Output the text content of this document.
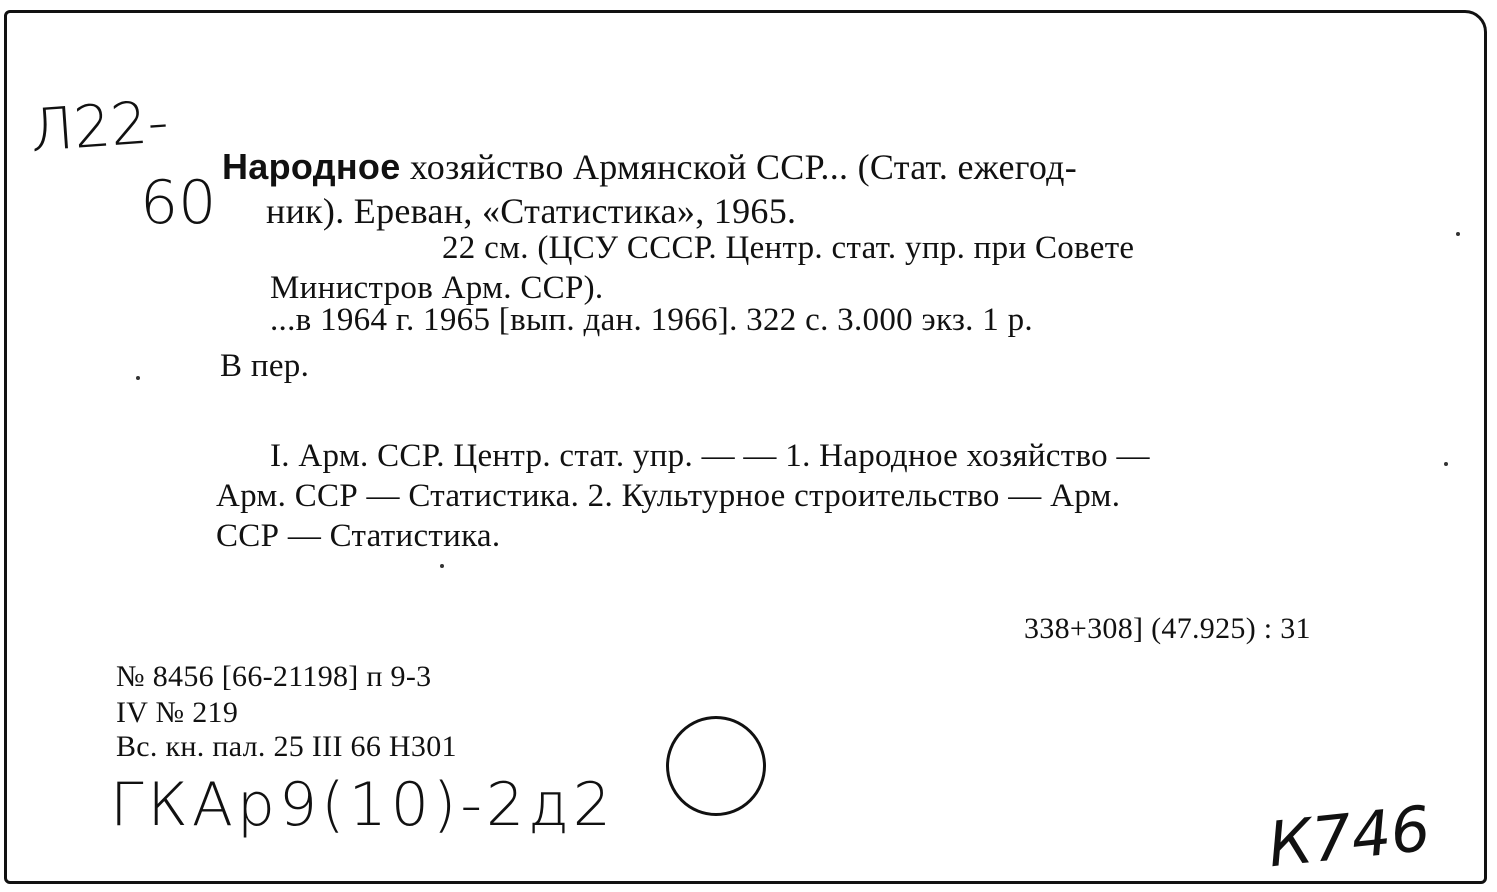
Л22-
60
Народное хозяйство Армянской ССР... (Стат. ежегод-
ник). Ереван, «Статистика», 1965.
22 см. (ЦСУ СССР. Центр. стат. упр. при Совете
Министров Арм. ССР).
...в 1964 г. 1965 [вып. дан. 1966]. 322 с. 3.000 экз. 1 р.
В пер.
I. Арм. ССР. Центр. стат. упр. — — 1. Народное хозяйство —
Арм. ССР — Статистика. 2. Культурное строительство — Арм.
ССР — Статистика.
338+308] (47.925) : 31
№ 8456 [66-21198] п 9-3
IV № 219
Вс. кн. пал. 25 III 66 Н301
ГКАр9(10)-2д2	К746
